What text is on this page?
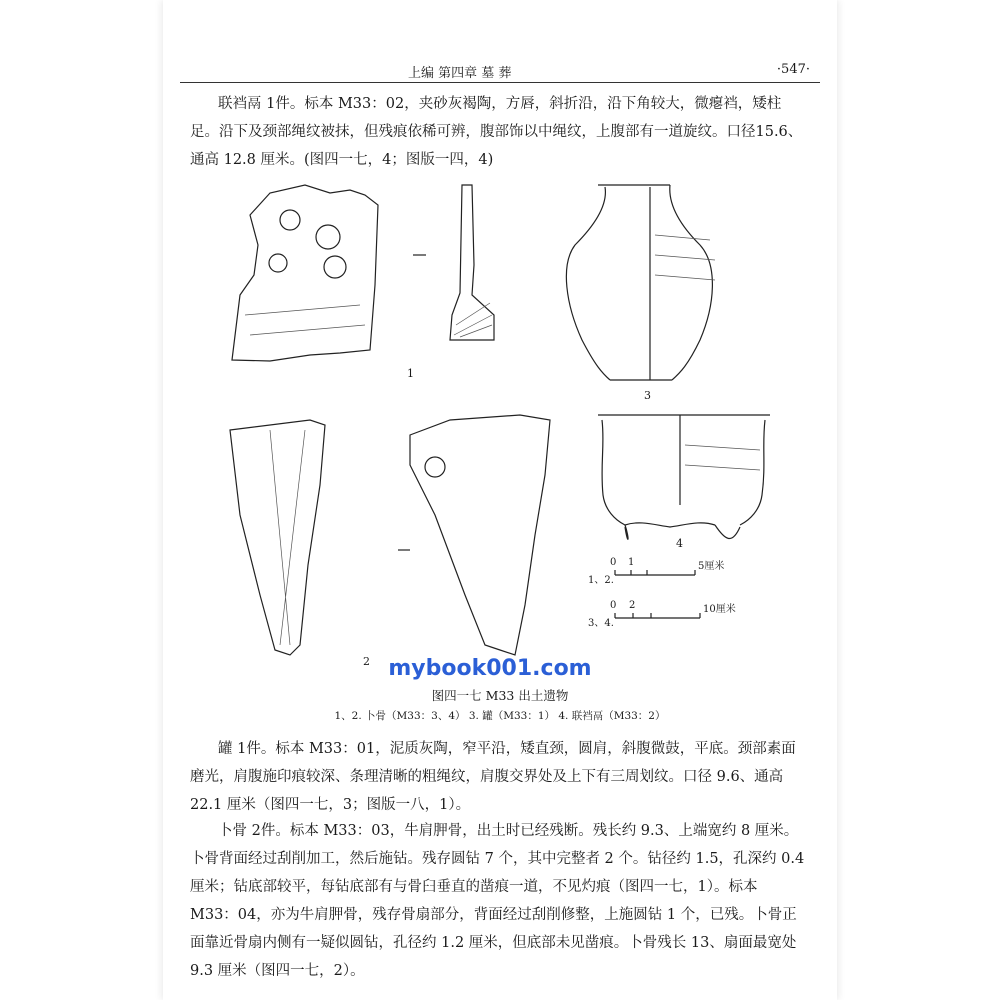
上编 第四章 墓 葬	·547·
联裆鬲 1件。标本 M33：02，夹砂灰褐陶，方唇，斜折沿，沿下角较大，微瘪裆，矮柱足。沿下及颈部绳纹被抹，但残痕依稀可辨，腹部饰以中绳纹，上腹部有一道旋纹。口径15.6、通高 12.8 厘米。(图四一七，4；图版一四，4)
1
3
4
2
1、2.
0 1	5厘米
3、4.
0 2	10厘米
mybook001.com
图四一七 M33 出土遗物
1、2. 卜骨（M33：3、4） 3. 罐（M33：1） 4. 联裆鬲（M33：2）
罐 1件。标本 M33：01，泥质灰陶，窄平沿，矮直颈，圆肩，斜腹微鼓，平底。颈部素面磨光，肩腹施印痕较深、条理清晰的粗绳纹，肩腹交界处及上下有三周划纹。口径 9.6、通高22.1 厘米（图四一七，3；图版一八，1）。
卜骨 2件。标本 M33：03，牛肩胛骨，出土时已经残断。残长约 9.3、上端宽约 8 厘米。卜骨背面经过刮削加工，然后施钻。残存圆钻 7 个，其中完整者 2 个。钻径约 1.5，孔深约 0.4 厘米；钻底部较平，每钻底部有与骨臼垂直的凿痕一道，不见灼痕（图四一七，1）。标本 M33：04，亦为牛肩胛骨，残存骨扇部分，背面经过刮削修整，上施圆钻 1 个，已残。卜骨正面靠近骨扇内侧有一疑似圆钻，孔径约 1.2 厘米，但底部未见凿痕。卜骨残长 13、扇面最宽处 9.3 厘米（图四一七，2）。
